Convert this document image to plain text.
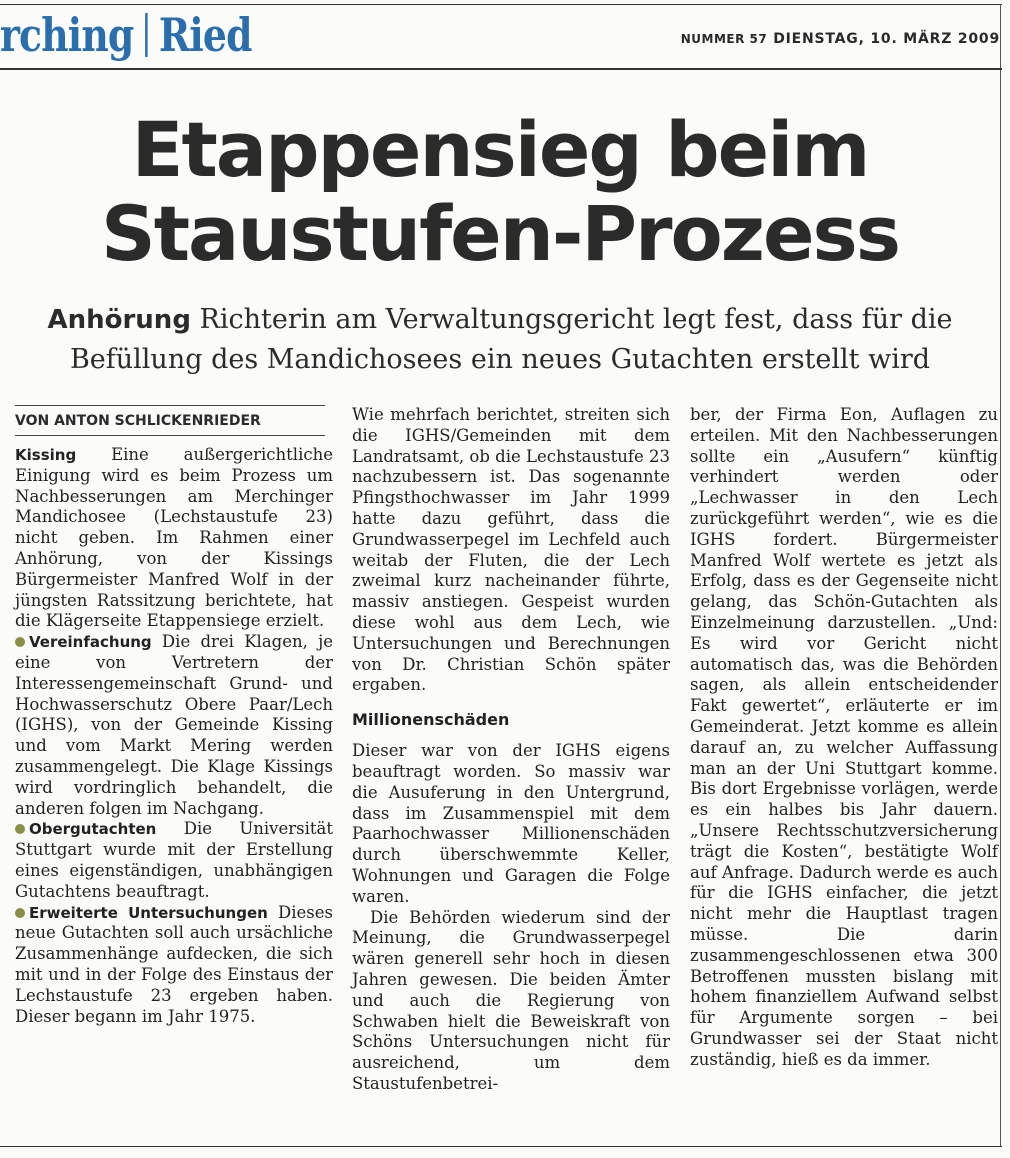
rching Ried	NUMMER 57 DIENSTAG, 10. MÄRZ 2009
Etappensieg beim
Staustufen-Prozess
Anhörung Richterin am Verwaltungsgericht legt fest, dass für die Befüllung des Mandichosees ein neues Gutachten erstellt wird
VON ANTON SCHLICKENRIEDER

Kissing Eine außergerichtliche Einigung wird es beim Prozess um Nachbesserungen am Merchinger Mandichosee (Lechstaustufe 23) nicht geben. Im Rahmen einer Anhörung, von der Kissings Bürgermeister Manfred Wolf in der jüngsten Ratssitzung berichtete, hat die Klägerseite Etappensiege erzielt.

Vereinfachung Die drei Klagen, je eine von Vertretern der Interessengemeinschaft Grund- und Hochwasserschutz Obere Paar/Lech (IGHS), von der Gemeinde Kissing und vom Markt Mering werden zusammengelegt. Die Klage Kissings wird vordringlich behandelt, die anderen folgen im Nachgang.

Obergutachten Die Universität Stuttgart wurde mit der Erstellung eines eigenständigen, unabhängigen Gutachtens beauftragt.

Erweiterte Untersuchungen Dieses neue Gutachten soll auch ursächliche Zusammenhänge aufdecken, die sich mit und in der Folge des Einstaus der Lechstaustufe 23 ergeben haben. Dieser begann im Jahr 1975.

Wie mehrfach berichtet, streiten sich die IGHS/Gemeinden mit dem Landratsamt, ob die Lechstaustufe 23 nachzubessern ist. Das sogenannte Pfingsthochwasser im Jahr 1999 hatte dazu geführt, dass die Grundwasserpegel im Lechfeld auch weitab der Fluten, die der Lech zweimal kurz nacheinander führte, massiv anstiegen. Gespeist wurden diese wohl aus dem Lech, wie Untersuchungen und Berechnungen von Dr. Christian Schön später ergaben.

Millionenschäden

Dieser war von der IGHS eigens beauftragt worden. So massiv war die Ausuferung in den Untergrund, dass im Zusammenspiel mit dem Paarhochwasser Millionenschäden durch überschwemmte Keller, Wohnungen und Garagen die Folge waren.

Die Behörden wiederum sind der Meinung, die Grundwasserpegel wären generell sehr hoch in diesen Jahren gewesen. Die beiden Ämter und auch die Regierung von Schwaben hielt die Beweiskraft von Schöns Untersuchungen nicht für ausreichend, um dem Staustufenbetrei-

ber, der Firma Eon, Auflagen zu erteilen. Mit den Nachbesserungen sollte ein „Ausufern“ künftig verhindert werden oder „Lechwasser in den Lech zurückgeführt werden“, wie es die IGHS fordert. Bürgermeister Manfred Wolf wertete es jetzt als Erfolg, dass es der Gegenseite nicht gelang, das Schön-Gutachten als Einzelmeinung darzustellen. „Und: Es wird vor Gericht nicht automatisch das, was die Behörden sagen, als allein entscheidender Fakt gewertet“, erläuterte er im Gemeinderat. Jetzt komme es allein darauf an, zu welcher Auffassung man an der Uni Stuttgart komme. Bis dort Ergebnisse vorlägen, werde es ein halbes bis Jahr dauern. „Unsere Rechtsschutzversicherung trägt die Kosten“, bestätigte Wolf auf Anfrage. Dadurch werde es auch für die IGHS einfacher, die jetzt nicht mehr die Hauptlast tragen müsse. Die darin zusammengeschlossenen etwa 300 Betroffenen mussten bislang mit hohem finanziellem Aufwand selbst für Argumente sorgen – bei Grundwasser sei der Staat nicht zuständig, hieß es da immer.
